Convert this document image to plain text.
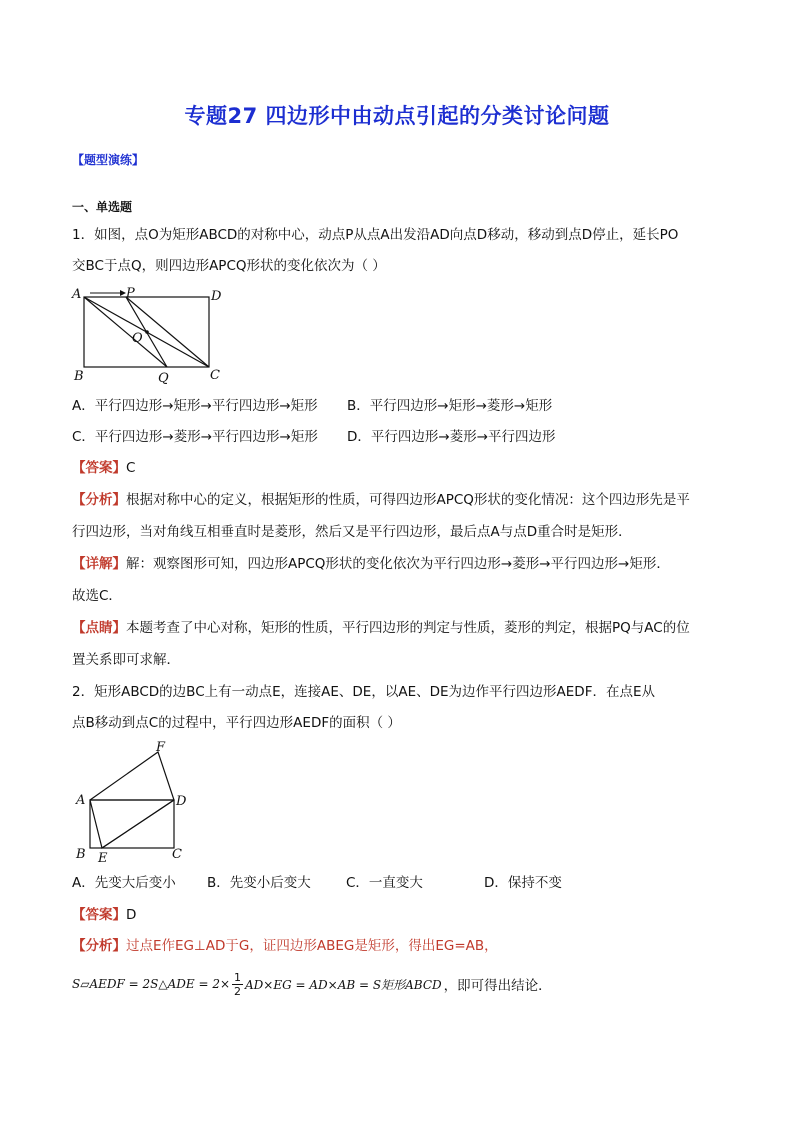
专题27 四边形中由动点引起的分类讨论问题
【题型演练】
一、单选题
1．如图，点O为矩形ABCD的对称中心，动点P从点A出发沿AD向点D移动，移动到点D停止，延长PO
交BC于点Q，则四边形APCQ形状的变化依次为（ ）
A	P	D
O
B	Q	C
A．平行四边形→矩形→平行四边形→矩形 B．平行四边形→矩形→菱形→矩形
C．平行四边形→菱形→平行四边形→矩形 D．平行四边形→菱形→平行四边形
【答案】C
【分析】根据对称中心的定义，根据矩形的性质，可得四边形APCQ形状的变化情况：这个四边形先是平
行四边形，当对角线互相垂直时是菱形，然后又是平行四边形，最后点A与点D重合时是矩形．
【详解】解：观察图形可知，四边形APCQ形状的变化依次为平行四边形→菱形→平行四边形→矩形．
故选C．
【点睛】本题考查了中心对称，矩形的性质，平行四边形的判定与性质，菱形的判定，根据PQ与AC的位
置关系即可求解．
2．矩形ABCD的边BC上有一动点E，连接AE、DE，以AE、DE为边作平行四边形AEDF．在点E从
点B移动到点C的过程中，平行四边形AEDF的面积（ ）
F
A	D
B E	C
A．先变大后变小 B．先变小后变大	C．一直变大	D．保持不变
【答案】D
【分析】过点E作EG⊥AD于G，证四边形ABEG是矩形，得出EG=AB，
S▱AEDF = 2S△ADE = $2\times \frac{1}{2} AD\times EG = AD\times AB = S$矩形ABCD ，即可得出结论．
